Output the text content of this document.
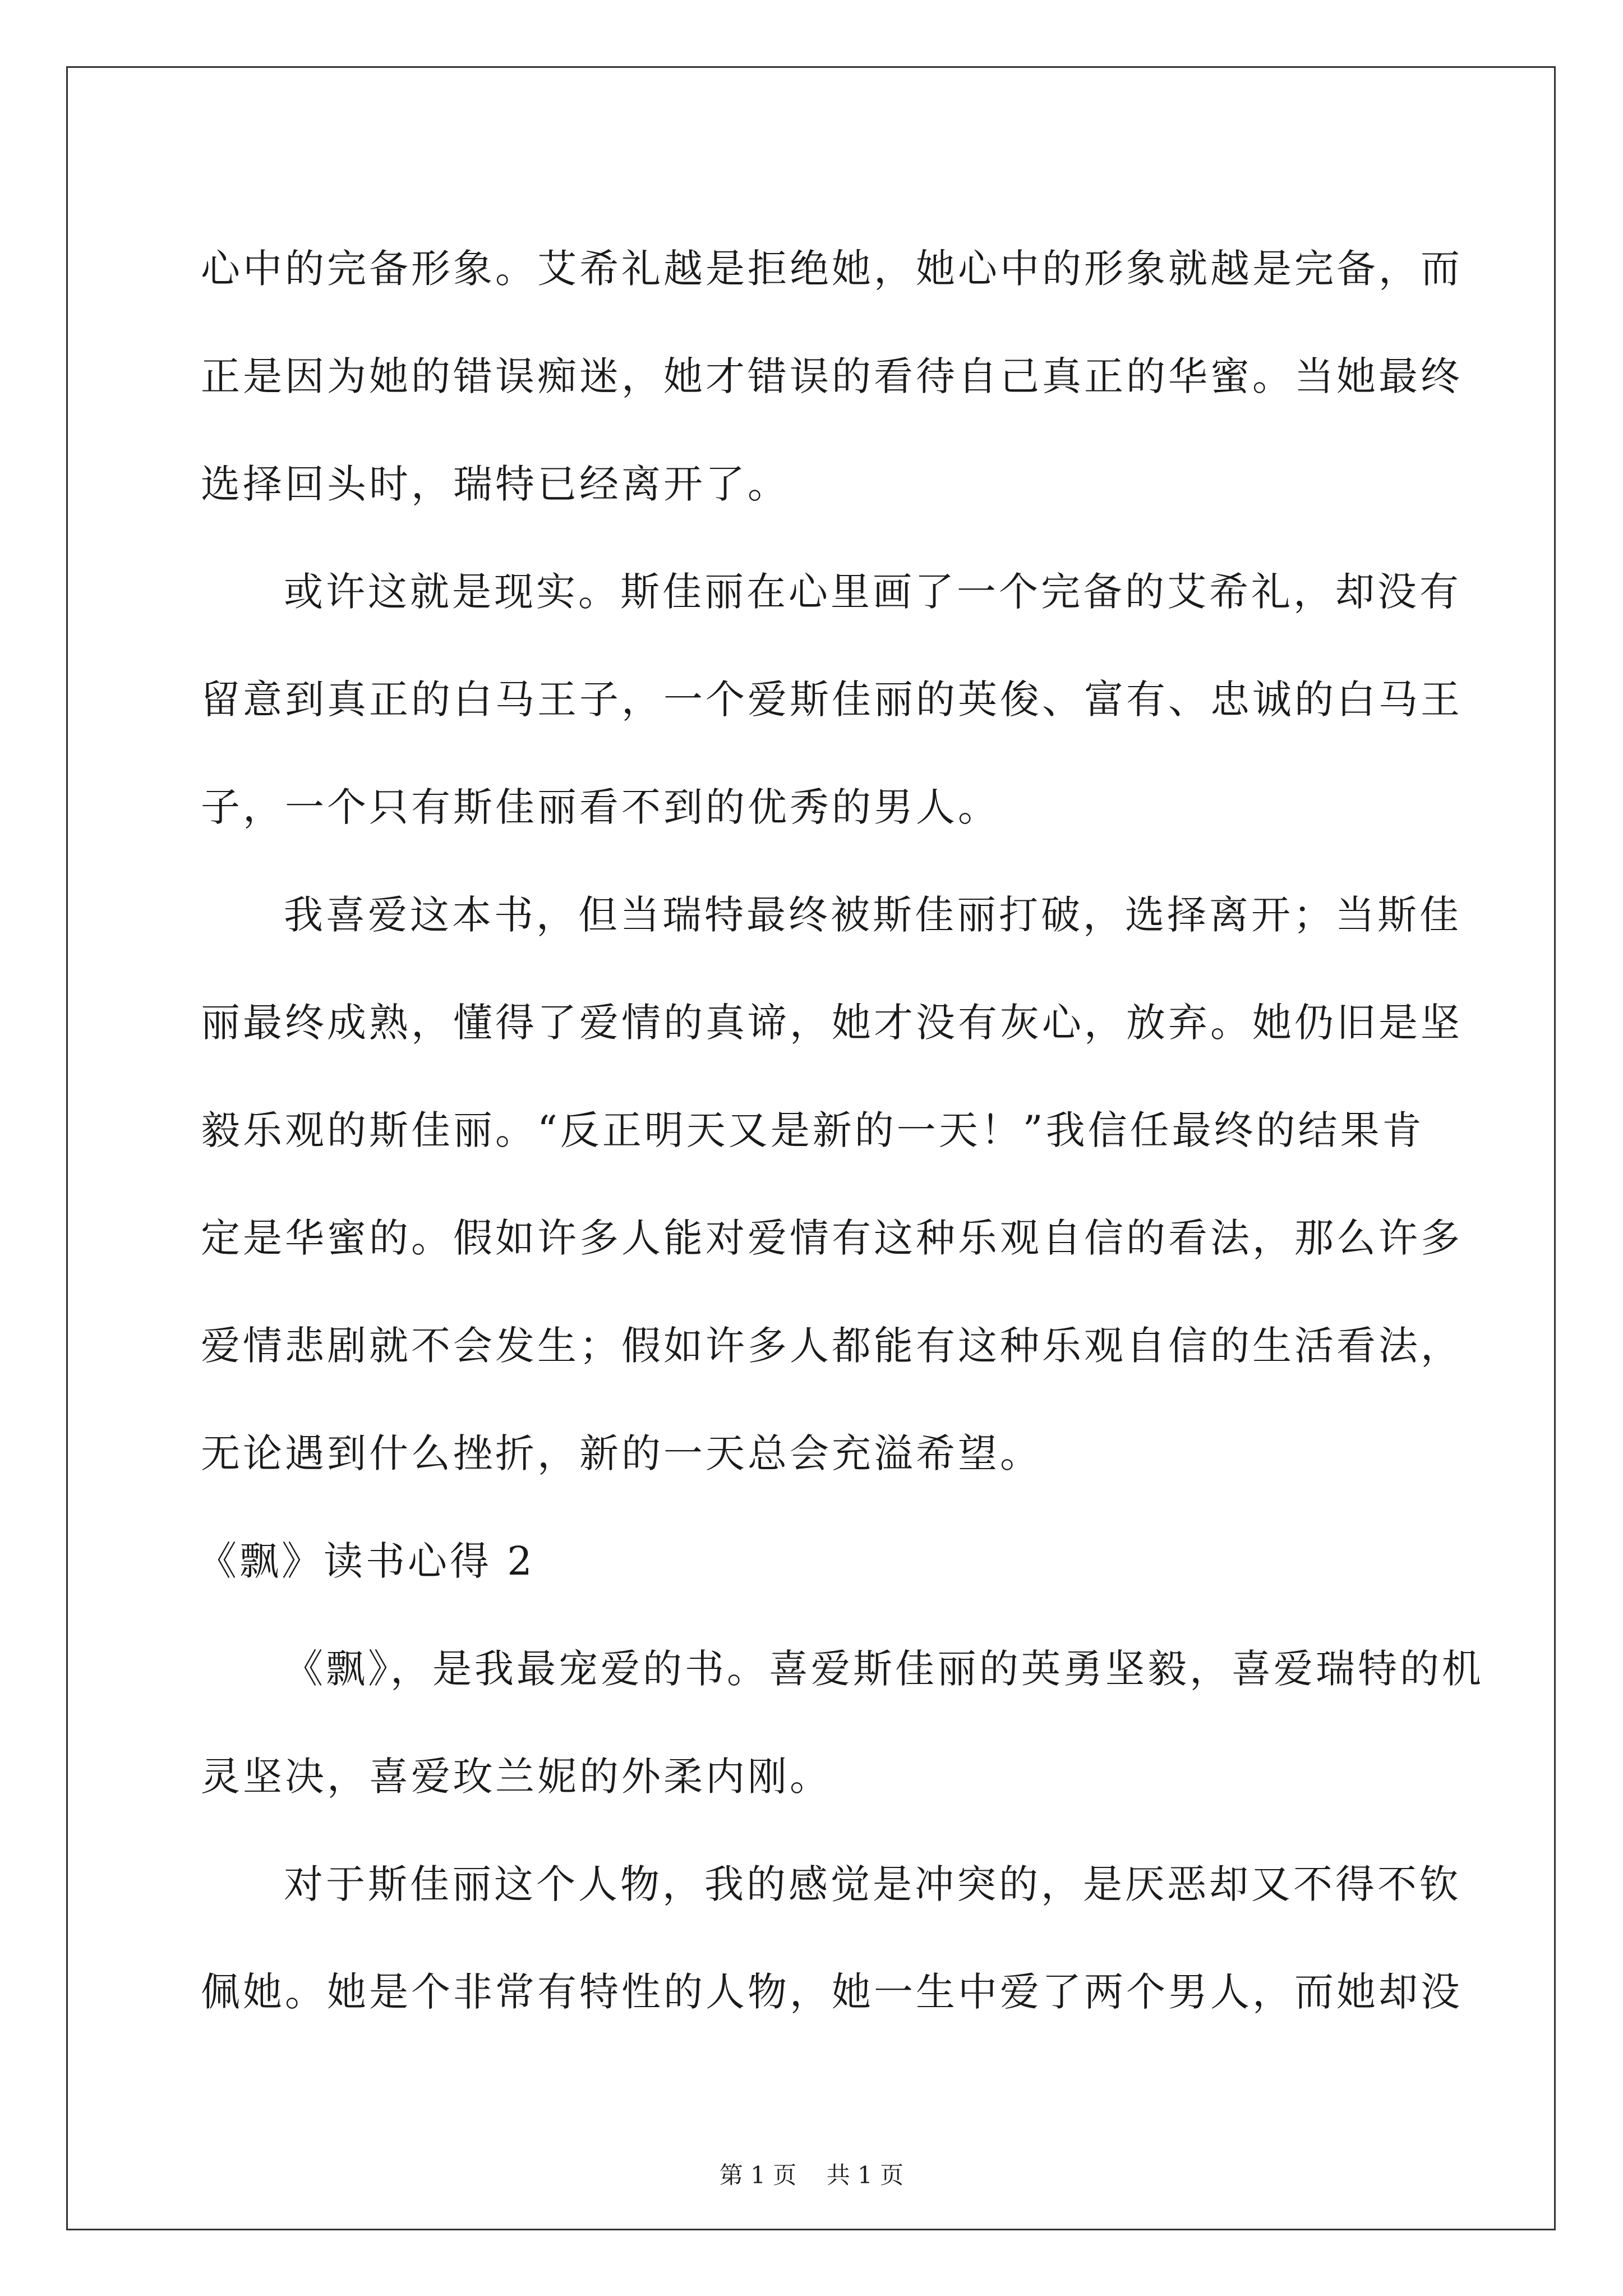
心中的完备形象。艾希礼越是拒绝她，她心中的形象就越是完备，而
正是因为她的错误痴迷，她才错误的看待自己真正的华蜜。当她最终
选择回头时，瑞特已经离开了。
或许这就是现实。斯佳丽在心里画了一个完备的艾希礼，却没有
留意到真正的白马王子，一个爱斯佳丽的英俊、富有、忠诚的白马王
子，一个只有斯佳丽看不到的优秀的男人。
我喜爱这本书，但当瑞特最终被斯佳丽打破，选择离开；当斯佳
丽最终成熟，懂得了爱情的真谛，她才没有灰心，放弃。她仍旧是坚
毅乐观的斯佳丽。“反正明天又是新的一天！”我信任最终的结果肯
定是华蜜的。假如许多人能对爱情有这种乐观自信的看法，那么许多
爱情悲剧就不会发生；假如许多人都能有这种乐观自信的生活看法，
无论遇到什么挫折，新的一天总会充溢希望。
《飘》读书心得 2
《飘》，是我最宠爱的书。喜爱斯佳丽的英勇坚毅，喜爱瑞特的机
灵坚决，喜爱玫兰妮的外柔内刚。
对于斯佳丽这个人物，我的感觉是冲突的，是厌恶却又不得不钦
佩她。她是个非常有特性的人物，她一生中爱了两个男人，而她却没
第 1 页    共 1 页
